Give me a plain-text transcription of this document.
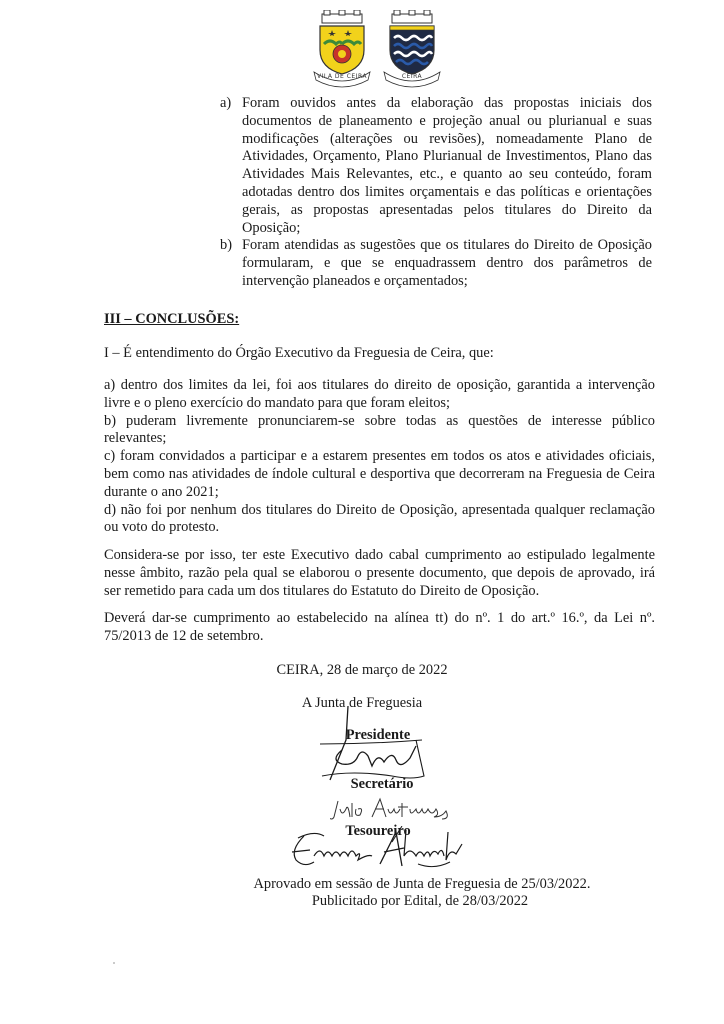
VILA DE CEIRA	CEIRA
a) Foram ouvidos antes da elaboração das propostas iniciais dos documentos de planeamento e projeção anual ou plurianual e suas modificações (alterações ou revisões), nomeadamente Plano de Atividades, Orçamento, Plano Plurianual de Investimentos, Plano das Atividades Mais Relevantes, etc., e quanto ao seu conteúdo, foram adotadas dentro dos limites orçamentais e das políticas e orientações gerais, as propostas apresentadas pelos titulares do Direito da Oposição;
b) Foram atendidas as sugestões que os titulares do Direito de Oposição formularam, e que se enquadrassem dentro dos parâmetros de intervenção planeados e orçamentados;
III – CONCLUSÕES:

I – É entendimento do Órgão Executivo da Freguesia de Ceira, que:

a) dentro dos limites da lei, foi aos titulares do direito de oposição, garantida a intervenção livre e o pleno exercício do mandato para que foram eleitos;

b) puderam livremente pronunciarem-se sobre todas as questões de interesse público relevantes;

c) foram convidados a participar e a estarem presentes em todos os atos e atividades oficiais, bem como nas atividades de índole cultural e desportiva que decorreram na Freguesia de Ceira durante o ano 2021;

d) não foi por nenhum dos titulares do Direito de Oposição, apresentada qualquer reclamação ou voto do protesto.

Considera-se por isso, ter este Executivo dado cabal cumprimento ao estipulado legalmente nesse âmbito, razão pela qual se elaborou o presente documento, que depois de aprovado, irá ser remetido para cada um dos titulares do Estatuto do Direito de Oposição.

Deverá dar-se cumprimento ao estabelecido na alínea tt) do nº. 1 do art.º 16.º, da Lei nº. 75/2013 de 12 de setembro.

CEIRA, 28 de março de 2022

A Junta de Freguesia

Presidente

Secretário

Tesoureiro

Aprovado em sessão de Junta de Freguesia de 25/03/2022.

Publicitado por Edital, de 28/03/2022
